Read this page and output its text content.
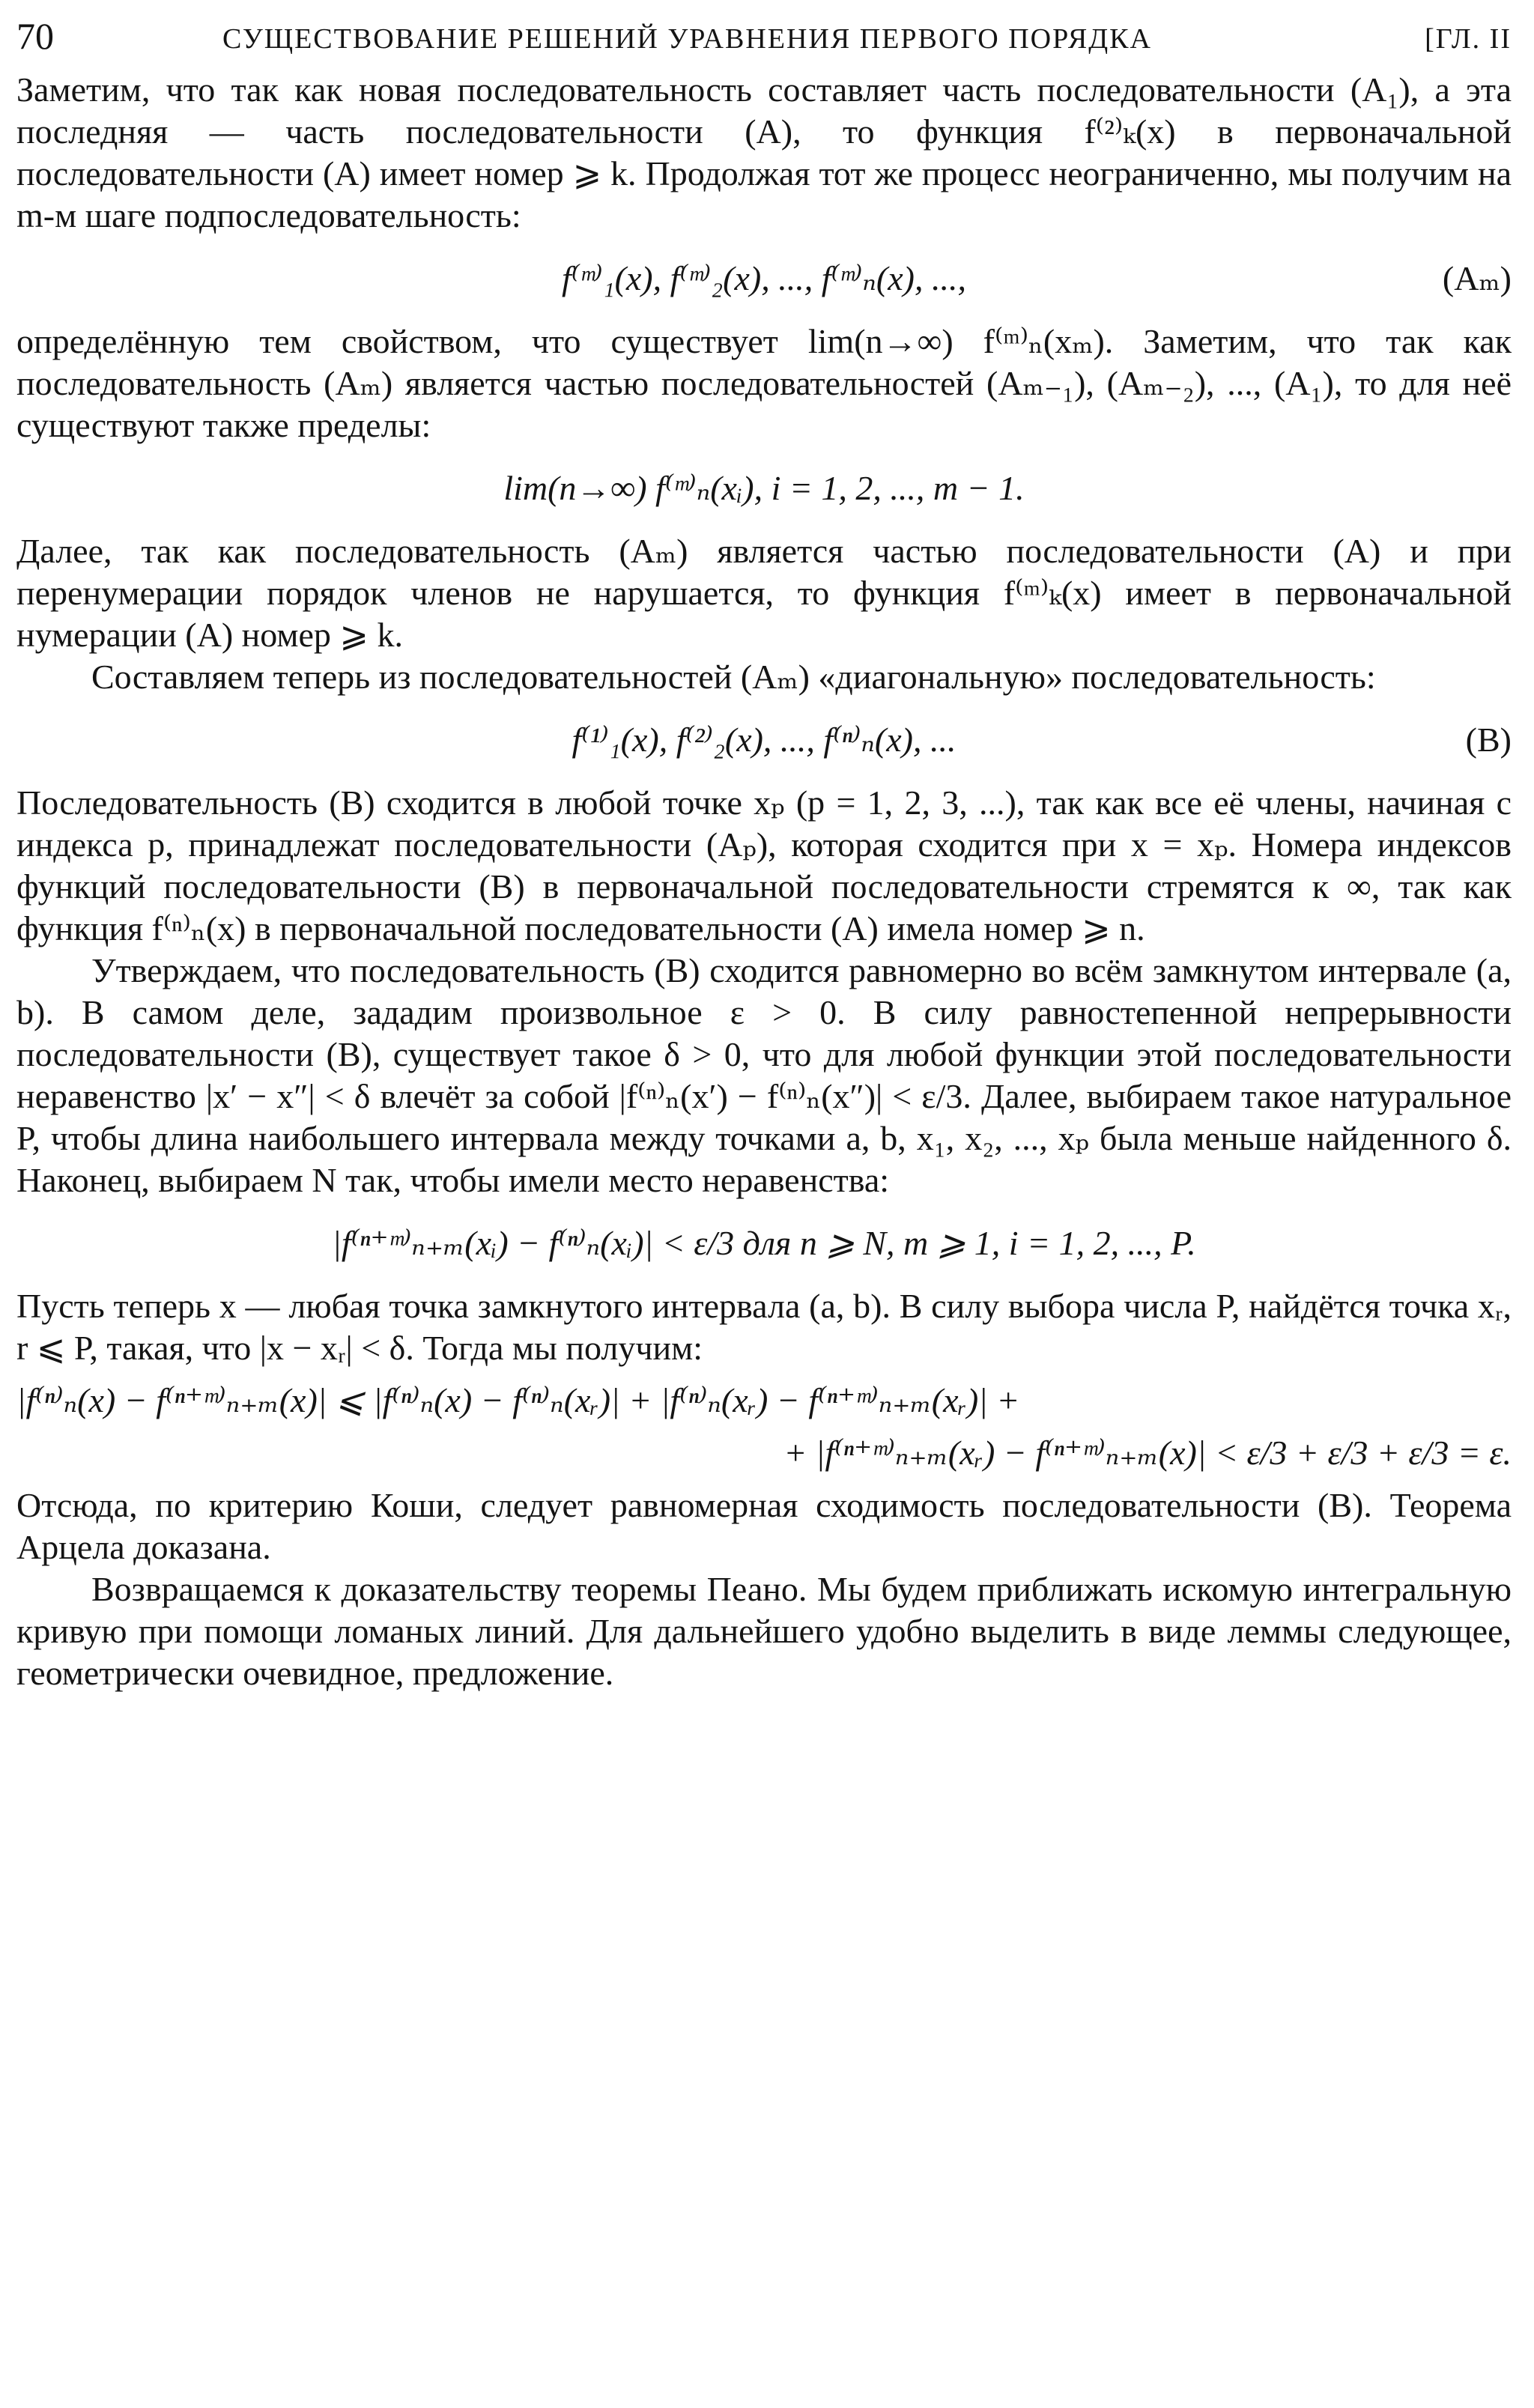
70	СУЩЕСТВОВАНИЕ РЕШЕНИЙ УРАВНЕНИЯ ПЕРВОГО ПОРЯДКА	[ГЛ. II

Заметим, что так как новая последовательность составляет часть последовательности (A₁), а эта последняя — часть последовательности (A), то функция f⁽²⁾ₖ(x) в первоначальной последовательности (A) имеет номер ⩾ k. Продолжая тот же процесс неограниченно, мы получим на m-м шаге подпоследовательность:

f⁽ᵐ⁾₁(x), f⁽ᵐ⁾₂(x), ..., f⁽ᵐ⁾ₙ(x), ...,	(Aₘ)

определённую тем свойством, что существует lim(n→∞) f⁽ᵐ⁾ₙ(xₘ). Заметим, что так как последовательность (Aₘ) является частью последовательностей (Aₘ₋₁), (Aₘ₋₂), ..., (A₁), то для неё существуют также пределы:

lim(n→∞) f⁽ᵐ⁾ₙ(xᵢ), i = 1, 2, ..., m − 1.

Далее, так как последовательность (Aₘ) является частью последовательности (A) и при перенумерации порядок членов не нарушается, то функция f⁽ᵐ⁾ₖ(x) имеет в первоначальной нумерации (A) номер ⩾ k.

Составляем теперь из последовательностей (Aₘ) «диагональную» последовательность:

f⁽¹⁾₁(x), f⁽²⁾₂(x), ..., f⁽ⁿ⁾ₙ(x), ...	(B)

Последовательность (B) сходится в любой точке xₚ (p = 1, 2, 3, ...), так как все её члены, начиная с индекса p, принадлежат последовательности (Aₚ), которая сходится при x = xₚ. Номера индексов функций последовательности (B) в первоначальной последовательности стремятся к ∞, так как функция f⁽ⁿ⁾ₙ(x) в первоначальной последовательности (A) имела номер ⩾ n.

Утверждаем, что последовательность (B) сходится равномерно во всём замкнутом интервале (a, b). В самом деле, зададим произвольное ε > 0. В силу равностепенной непрерывности последовательности (B), существует такое δ > 0, что для любой функции этой последовательности неравенство |x′ − x″| < δ влечёт за собой |f⁽ⁿ⁾ₙ(x′) − f⁽ⁿ⁾ₙ(x″)| < ε/3. Далее, выбираем такое натуральное P, чтобы длина наибольшего интервала между точками a, b, x₁, x₂, ..., xₚ была меньше найденного δ. Наконец, выбираем N так, чтобы имели место неравенства:

|f⁽ⁿ⁺ᵐ⁾ₙ₊ₘ(xᵢ) − f⁽ⁿ⁾ₙ(xᵢ)| < ε/3 для n ⩾ N, m ⩾ 1, i = 1, 2, ..., P.

Пусть теперь x — любая точка замкнутого интервала (a, b). В силу выбора числа P, найдётся точка xᵣ, r ⩽ P, такая, что |x − xᵣ| < δ. Тогда мы получим:

|f⁽ⁿ⁾ₙ(x) − f⁽ⁿ⁺ᵐ⁾ₙ₊ₘ(x)| ⩽ |f⁽ⁿ⁾ₙ(x) − f⁽ⁿ⁾ₙ(xᵣ)| + |f⁽ⁿ⁾ₙ(xᵣ) − f⁽ⁿ⁺ᵐ⁾ₙ₊ₘ(xᵣ)| +
+ |f⁽ⁿ⁺ᵐ⁾ₙ₊ₘ(xᵣ) − f⁽ⁿ⁺ᵐ⁾ₙ₊ₘ(x)| < ε/3 + ε/3 + ε/3 = ε.

Отсюда, по критерию Коши, следует равномерная сходимость последовательности (B). Теорема Арцела доказана.

Возвращаемся к доказательству теоремы Пеано. Мы будем приближать искомую интегральную кривую при помощи ломаных линий. Для дальнейшего удобно выделить в виде леммы следующее, геометрически очевидное, предложение.
